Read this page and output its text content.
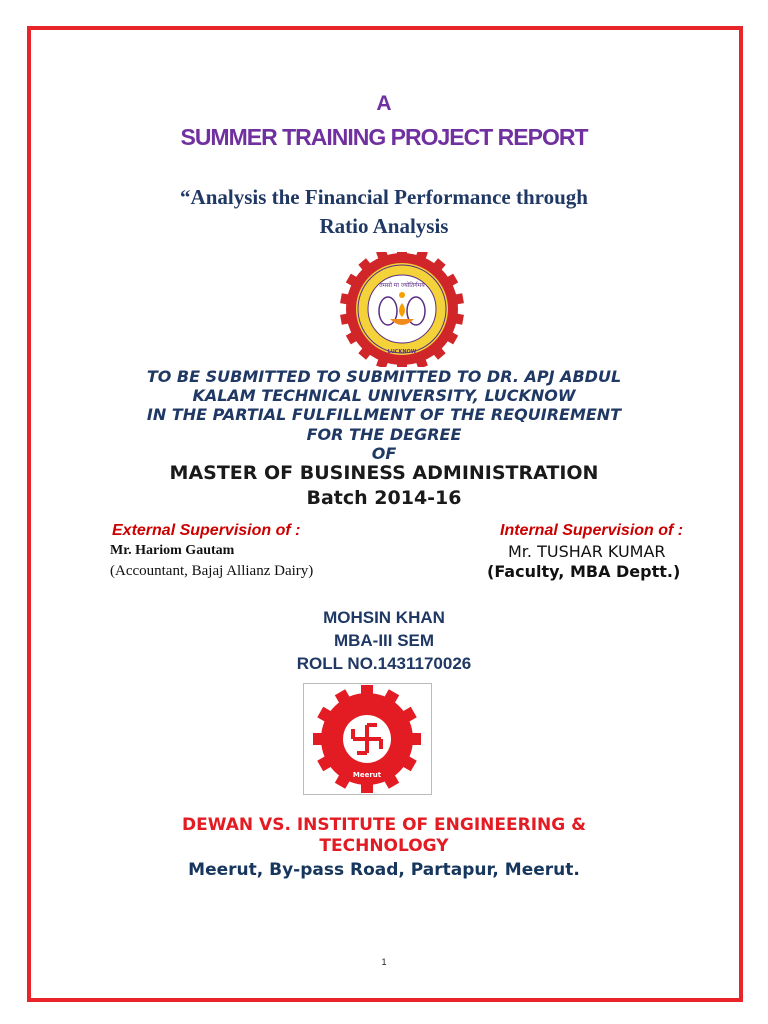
A
SUMMER TRAINING PROJECT REPORT
“Analysis the Financial Performance through
Ratio Analysis
तमसो मा ज्योतिर्गमय
LUCKNOW
TO BE SUBMITTED TO SUBMITTED TO DR. APJ ABDUL
KALAM TECHNICAL UNIVERSITY, LUCKNOW
IN THE PARTIAL FULFILLMENT OF THE REQUIREMENT
FOR THE DEGREE
OF
MASTER OF BUSINESS ADMINISTRATION
Batch 2014-16
External Supervision of :
Mr. Hariom Gautam
(Accountant, Bajaj Allianz Dairy)
Internal Supervision of :
Mr. TUSHAR KUMAR
(Faculty, MBA Deptt.)
MOHSIN KHAN
MBA-III SEM
ROLL NO.1431170026
Meerut
DEWAN VS. INSTITUTE OF ENGINEERING &
TECHNOLOGY
Meerut, By-pass Road, Partapur, Meerut.
1
